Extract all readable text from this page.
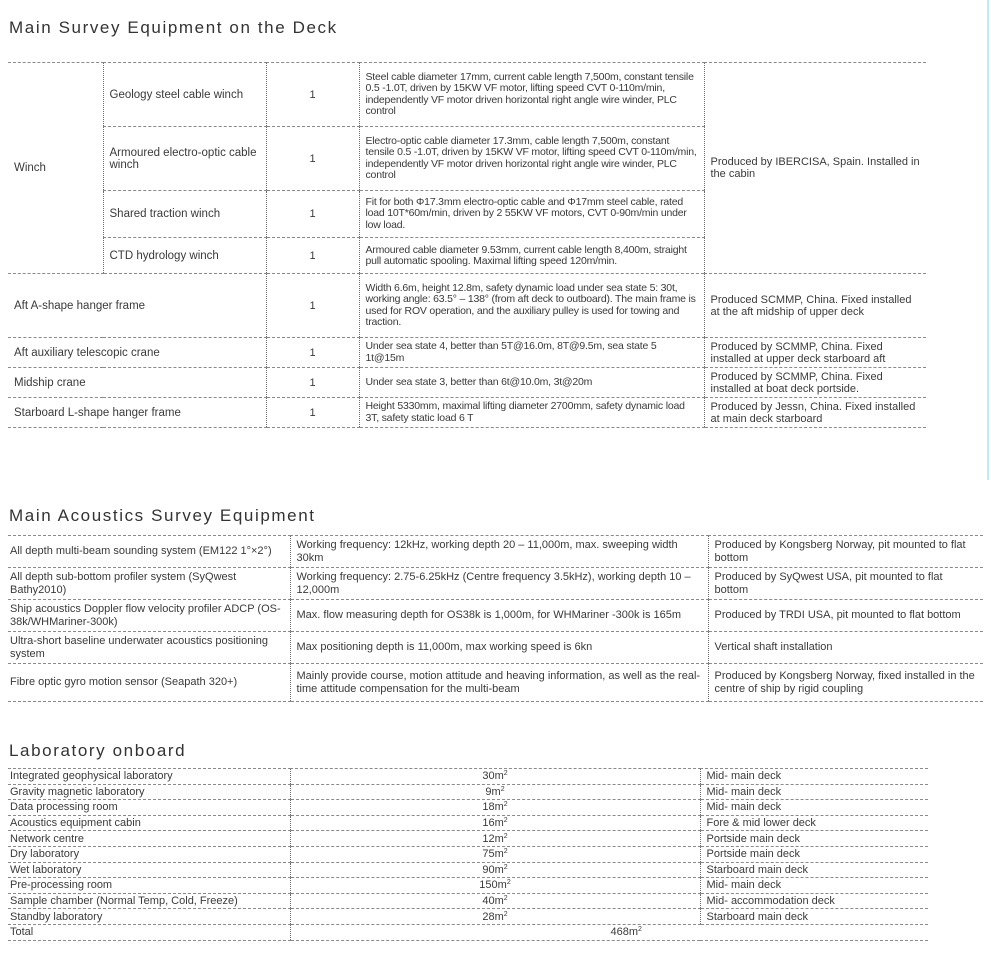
Main Survey Equipment on the Deck
Winch	Geology steel cable winch	1	Steel cable diameter 17mm, current cable length 7,500m, constant tensile 0.5 -1.0T, driven by 15KW VF motor, lifting speed CVT 0-110m/min, independently VF motor driven horizontal right angle wire winder, PLC control	Produced by IBERCISA, Spain. Installed in the cabin
	Armoured electro-optic cable winch	1	Electro-optic cable diameter 17.3mm, cable length 7,500m, constant tensile 0.5 -1.0T, driven by 15KW VF motor, lifting speed CVT 0-110m/min, independently VF motor driven horizontal right angle wire winder, PLC control	
	Shared traction winch	1	Fit for both Φ17.3mm electro-optic cable and Φ17mm steel cable, rated load 10T*60m/min, driven by 2 55KW VF motors, CVT 0-90m/min under low load.	
	CTD hydrology winch	1	Armoured cable diameter 9.53mm, current cable length 8,400m, straight pull automatic spooling. Maximal lifting speed 120m/min.	
Aft A-shape hanger frame		1	Width 6.6m, height 12.8m, safety dynamic load under sea state 5: 30t, working angle: 63.5° – 138° (from aft deck to outboard). The main frame is used for ROV operation, and the auxiliary pulley is used for towing and traction.	Produced SCMMP, China. Fixed installed at the aft midship of upper deck
Aft auxiliary telescopic crane		1	Under sea state 4, better than 5T@16.0m, 8T@9.5m, sea state 5 1t@15m	Produced by SCMMP, China. Fixed installed at upper deck starboard aft
Midship crane		1	Under sea state 3, better than 6t@10.0m, 3t@20m	Produced by SCMMP, China. Fixed installed at boat deck portside.
Starboard L-shape hanger frame		1	Height 5330mm, maximal lifting diameter 2700mm, safety dynamic load 3T, safety static load 6 T	Produced by Jessn, China. Fixed installed at main deck starboard
Main Acoustics Survey Equipment
All depth multi-beam sounding system (EM122 1°×2°)	Working frequency: 12kHz, working depth 20 – 11,000m, max. sweeping width 30km	Produced by Kongsberg Norway, pit mounted to flat bottom
All depth sub-bottom profiler system (SyQwest Bathy2010)	Working frequency: 2.75-6.25kHz (Centre frequency 3.5kHz), working depth 10 – 12,000m	Produced by SyQwest USA, pit mounted to flat bottom
Ship acoustics Doppler flow velocity profiler ADCP (OS-38k/WHMariner-300k)	Max. flow measuring depth for OS38k is 1,000m, for WHMariner -300k is 165m	Produced by TRDI USA, pit mounted to flat bottom
Ultra-short baseline underwater acoustics positioning system	Max positioning depth is 11,000m, max working speed is 6kn	Vertical shaft installation
Fibre optic gyro motion sensor (Seapath 320+)	Mainly provide course, motion attitude and heaving information, as well as the real-time attitude compensation for the multi-beam	Produced by Kongsberg Norway, fixed installed in the centre of ship by rigid coupling
Laboratory onboard
Integrated geophysical laboratory	$30m^2$	Mid- main deck
Gravity magnetic laboratory	$9m^2$	Mid- main deck
Data processing room	$18m^2$	Mid- main deck
Acoustics equipment cabin	$16m^2$	Fore & mid lower deck
Network centre	$12m^2$	Portside main deck
Dry laboratory	$75m^2$	Portside main deck
Wet laboratory	$90m^2$	Starboard main deck
Pre-processing room	$150m^2$	Mid- main deck
Sample chamber (Normal Temp, Cold, Freeze)	$40m^2$	Mid- accommodation deck
Standby laboratory	$28m^2$	Starboard main deck
Total	$468m^2$
